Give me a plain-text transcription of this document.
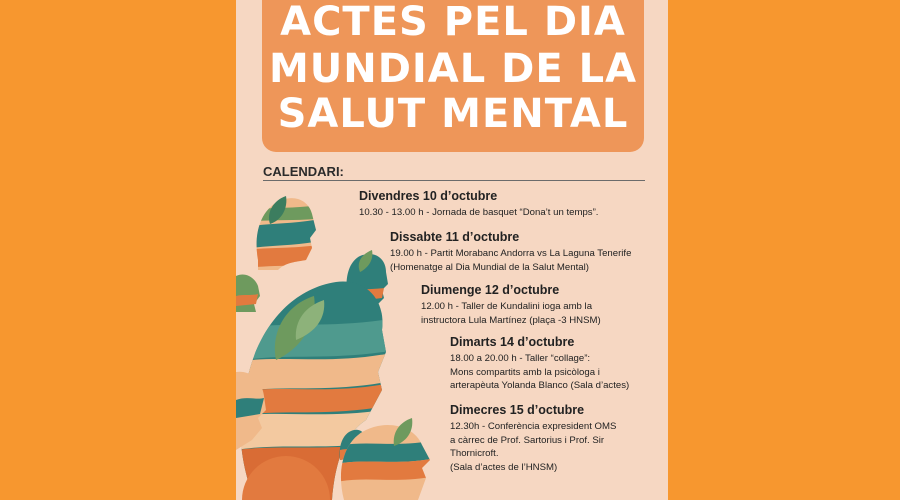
ACTES PEL DIA
MUNDIAL DE LA
SALUT MENTAL
CALENDARI:
Divendres 10 d’octubre
10.30 - 13.00 h - Jornada de basquet “Dona’t un temps”.
Dissabte 11 d’octubre
19.00 h - Partit Morabanc Andorra vs La Laguna Tenerife
(Homenatge al Dia Mundial de la Salut Mental)
Diumenge 12 d’octubre
12.00 h - Taller de Kundalini ioga amb la
instructora Lula Martínez (plaça -3 HNSM)
Dimarts 14 d’octubre
18.00 a 20.00 h - Taller “collage”:
Mons compartits amb la psicòloga i
arterapèuta Yolanda Blanco (Sala d’actes)
Dimecres 15 d’octubre
12.30h - Conferència expresident OMS
a càrrec de Prof. Sartorius i Prof. Sir
Thornicroft.
(Sala d’actes de l’HNSM)
